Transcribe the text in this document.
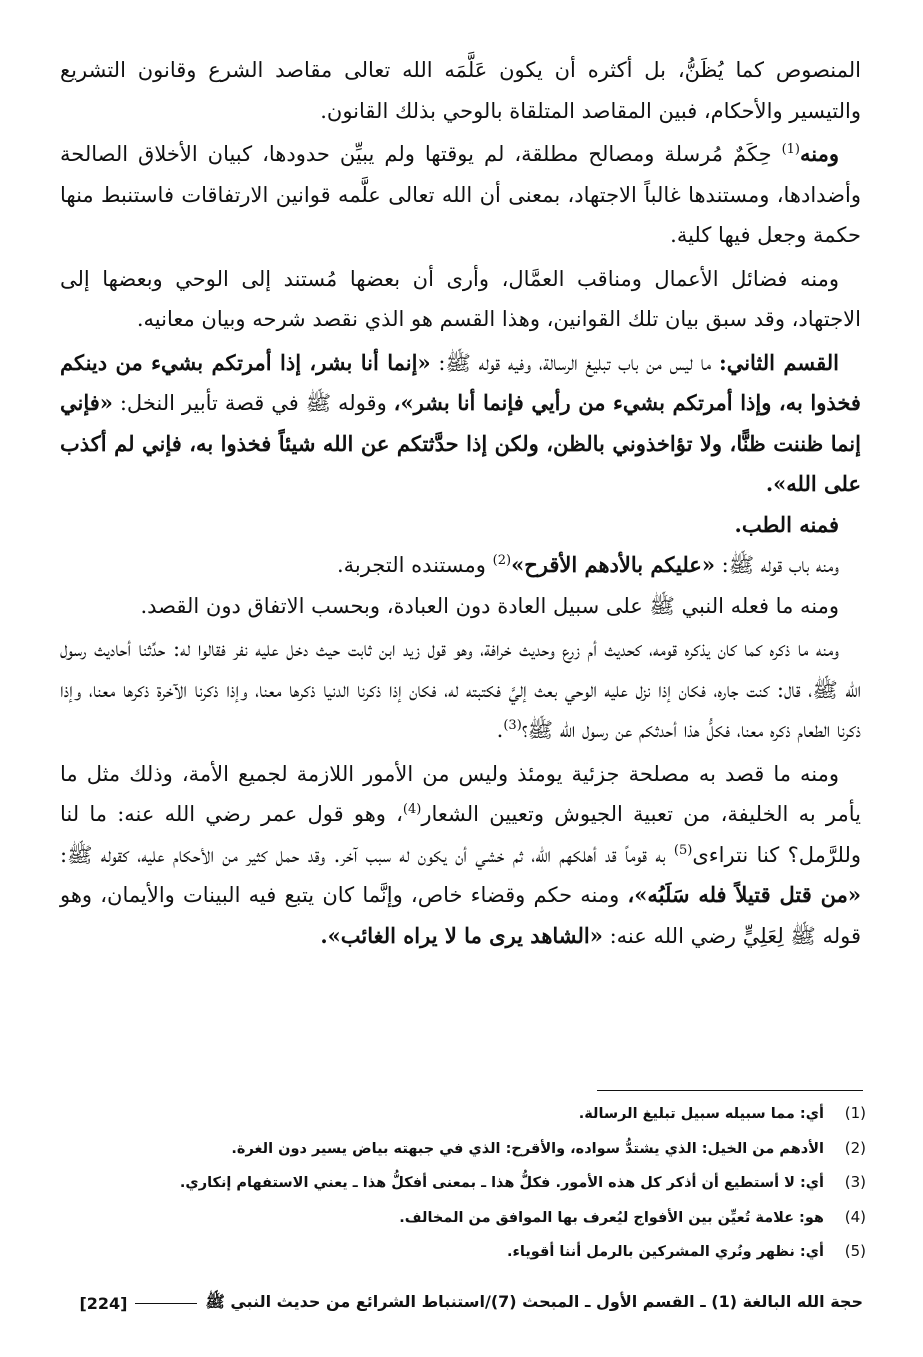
المنصوص كما يُظَنُّ، بل أكثره أن يكون عَلَّمَه الله تعالى مقاصد الشرع وقانون التشريع والتيسير والأحكام، فبين المقاصد المتلقاة بالوحي بذلك القانون.

ومنه$^{(1)}$ حِكَمٌ مُرسلة ومصالح مطلقة، لم يوقتها ولم يبيِّن حدودها، كبيان الأخلاق الصالحة وأضدادها، ومستندها غالباً الاجتهاد، بمعنى أن الله تعالى علَّمه قوانين الارتفاقات فاستنبط منها حكمة وجعل فيها كلية.

ومنه فضائل الأعمال ومناقب العمَّال، وأرى أن بعضها مُستند إلى الوحي وبعضها إلى الاجتهاد، وقد سبق بيان تلك القوانين، وهذا القسم هو الذي نقصد شرحه وبيان معانيه.

القسم الثاني: ما ليس من باب تبليغ الرسالة، وفيه قوله ﷺ: «إنما أنا بشر، إذا أمرتكم بشيء من دينكم فخذوا به، وإذا أمرتكم بشيء من رأيي فإنما أنا بشر»، وقوله ﷺ في قصة تأبير النخل: «فإني إنما ظننت ظنًّا، ولا تؤاخذوني بالظن، ولكن إذا حدَّثتكم عن الله شيئاً فخذوا به، فإني لم أكذب على الله».

فمنه الطب.

ومنه باب قوله ﷺ: «عليكم بالأدهم الأقرح»$^{(2)}$ ومستنده التجربة.

ومنه ما فعله النبي ﷺ على سبيل العادة دون العبادة، وبحسب الاتفاق دون القصد.

ومنه ما ذكره كما كان يذكره قومه، كحديث أم زرع وحديث خرافة، وهو قول زيد ابن ثابت حيث دخل عليه نفر فقالوا له: حدِّثنا أحاديث رسول الله ﷺ، قال: كنت جاره، فكان إذا نزل عليه الوحي بعث إليَّ فكتبته له، فكان إذا ذكرنا الدنيا ذكرها معنا، وإذا ذكرنا الآخرة ذكرها معنا، وإذا ذكرنا الطعام ذكره معنا، فكلُّ هذا أحدثكم عن رسول الله ﷺ؟$^{(3)}$.

ومنه ما قصد به مصلحة جزئية يومئذ وليس من الأمور اللازمة لجميع الأمة، وذلك مثل ما يأمر به الخليفة، من تعبية الجيوش وتعيين الشعار$^{(4)}$، وهو قول عمر رضي الله عنه: ما لنا وللرَّمل؟ كنا نتراءى$^{(5)}$ به قوماً قد أهلكهم الله، ثم خشي أن يكون له سبب آخر. وقد حمل كثير من الأحكام عليه، كقوله ﷺ: «من قتل قتيلاً فله سَلَبُه»، ومنه حكم وقضاء خاص، وإنَّما كان يتبع فيه البينات والأيمان، وهو قوله ﷺ لِعَلِيٍّ رضي الله عنه: «الشاهد يرى ما لا يراه الغائب».

(1)
أي: مما سبيله سبيل تبليغ الرسالة.
(2)
الأدهم من الخيل: الذي يشتدُّ سواده، والأقرح: الذي في جبهته بياض يسير دون الغرة.
(3)
أي: لا أستطيع أن أذكر كل هذه الأمور. فكلُّ هذا ـ بمعنى أفكلُّ هذا ـ يعني الاستفهام إنكاري.
(4)
هو: علامة تُعيِّن بين الأفواج ليُعرف بها الموافق من المخالف.
(5)
أي: نظهر ونُري المشركين بالرمل أننا أقوياء.
حجة الله البالغة (1) ـ القسم الأول ـ المبحث (7)/استنباط الشرائع من حديث النبي ﷺ
[224]
